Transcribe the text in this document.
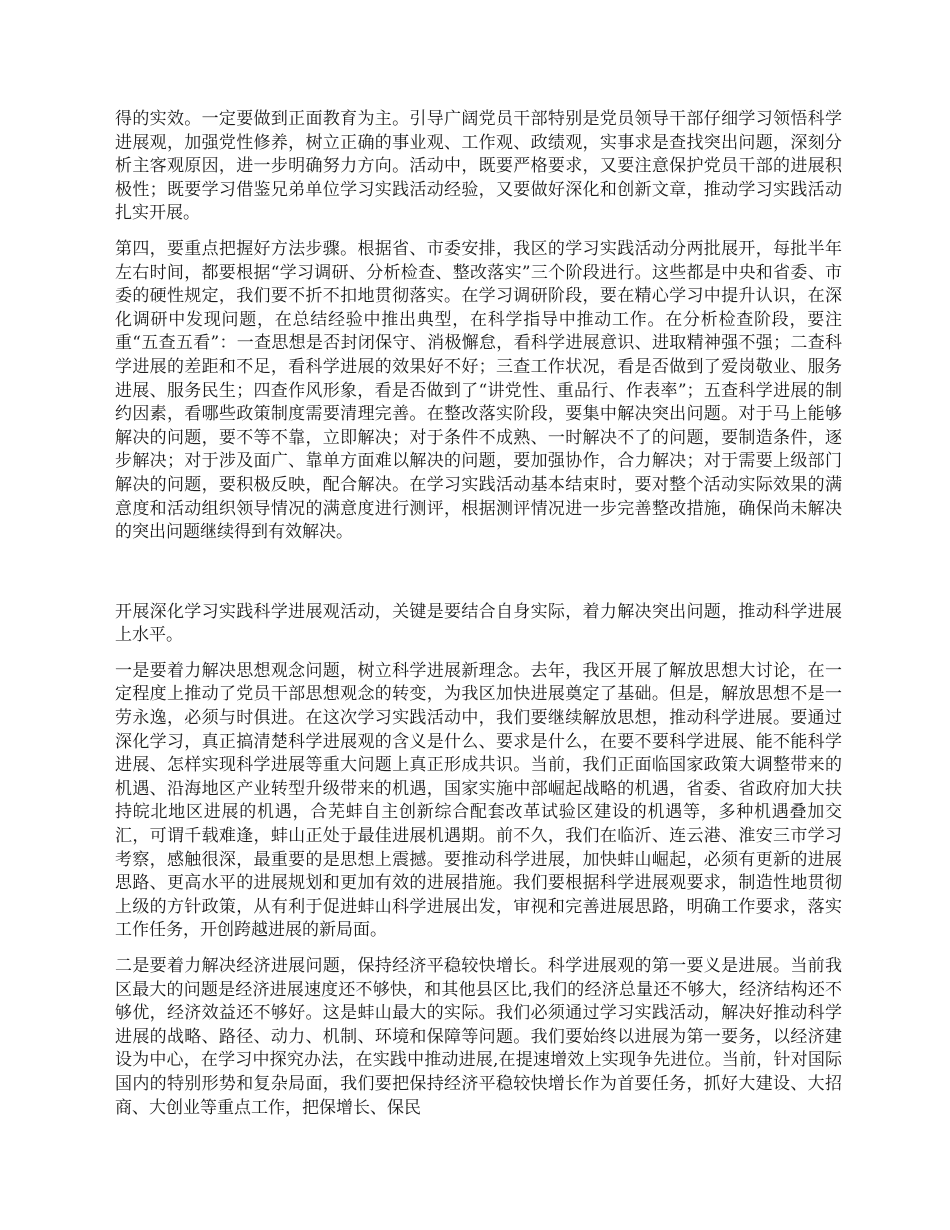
得的实效。一定要做到正面教育为主。引导广阔党员干部特别是党员领导干部仔细学习领悟科学进展观，加强党性修养，树立正确的事业观、工作观、政绩观，实事求是查找突出问题，深刻分析主客观原因，进一步明确努力方向。活动中，既要严格要求，又要注意保护党员干部的进展积极性；既要学习借鉴兄弟单位学习实践活动经验，又要做好深化和创新文章，推动学习实践活动扎实开展。

第四，要重点把握好方法步骤。根据省、市委安排，我区的学习实践活动分两批展开，每批半年左右时间，都要根据“学习调研、分析检查、整改落实”三个阶段进行。这些都是中央和省委、市委的硬性规定，我们要不折不扣地贯彻落实。在学习调研阶段，要在精心学习中提升认识，在深化调研中发现问题，在总结经验中推出典型，在科学指导中推动工作。在分析检查阶段，要注重“五查五看”：一查思想是否封闭保守、消极懈怠，看科学进展意识、进取精神强不强；二查科学进展的差距和不足，看科学进展的效果好不好；三查工作状况，看是否做到了爱岗敬业、服务进展、服务民生；四查作风形象，看是否做到了“讲党性、重品行、作表率”；五查科学进展的制约因素，看哪些政策制度需要清理完善。在整改落实阶段，要集中解决突出问题。对于马上能够解决的问题，要不等不靠，立即解决；对于条件不成熟、一时解决不了的问题，要制造条件，逐步解决；对于涉及面广、靠单方面难以解决的问题，要加强协作，合力解决；对于需要上级部门解决的问题，要积极反映，配合解决。在学习实践活动基本结束时，要对整个活动实际效果的满意度和活动组织领导情况的满意度进行测评，根据测评情况进一步完善整改措施，确保尚未解决的突出问题继续得到有效解决。

开展深化学习实践科学进展观活动，关键是要结合自身实际，着力解决突出问题，推动科学进展上水平。

一是要着力解决思想观念问题，树立科学进展新理念。去年，我区开展了解放思想大讨论，在一定程度上推动了党员干部思想观念的转变，为我区加快进展奠定了基础。但是，解放思想不是一劳永逸，必须与时俱进。在这次学习实践活动中，我们要继续解放思想，推动科学进展。要通过深化学习，真正搞清楚科学进展观的含义是什么、要求是什么，在要不要科学进展、能不能科学进展、怎样实现科学进展等重大问题上真正形成共识。当前，我们正面临国家政策大调整带来的机遇、沿海地区产业转型升级带来的机遇，国家实施中部崛起战略的机遇，省委、省政府加大扶持皖北地区进展的机遇，合芜蚌自主创新综合配套改革试验区建设的机遇等，多种机遇叠加交汇，可谓千载难逢，蚌山正处于最佳进展机遇期。前不久，我们在临沂、连云港、淮安三市学习考察，感触很深，最重要的是思想上震撼。要推动科学进展，加快蚌山崛起，必须有更新的进展思路、更高水平的进展规划和更加有效的进展措施。我们要根据科学进展观要求，制造性地贯彻上级的方针政策，从有利于促进蚌山科学进展出发，审视和完善进展思路，明确工作要求，落实工作任务，开创跨越进展的新局面。

二是要着力解决经济进展问题，保持经济平稳较快增长。科学进展观的第一要义是进展。当前我区最大的问题是经济进展速度还不够快，和其他县区比,我们的经济总量还不够大，经济结构还不够优，经济效益还不够好。这是蚌山最大的实际。我们必须通过学习实践活动，解决好推动科学进展的战略、路径、动力、机制、环境和保障等问题。我们要始终以进展为第一要务，以经济建设为中心，在学习中探究办法，在实践中推动进展,在提速增效上实现争先进位。当前，针对国际国内的特别形势和复杂局面，我们要把保持经济平稳较快增长作为首要任务，抓好大建设、大招商、大创业等重点工作，把保增长、保民
